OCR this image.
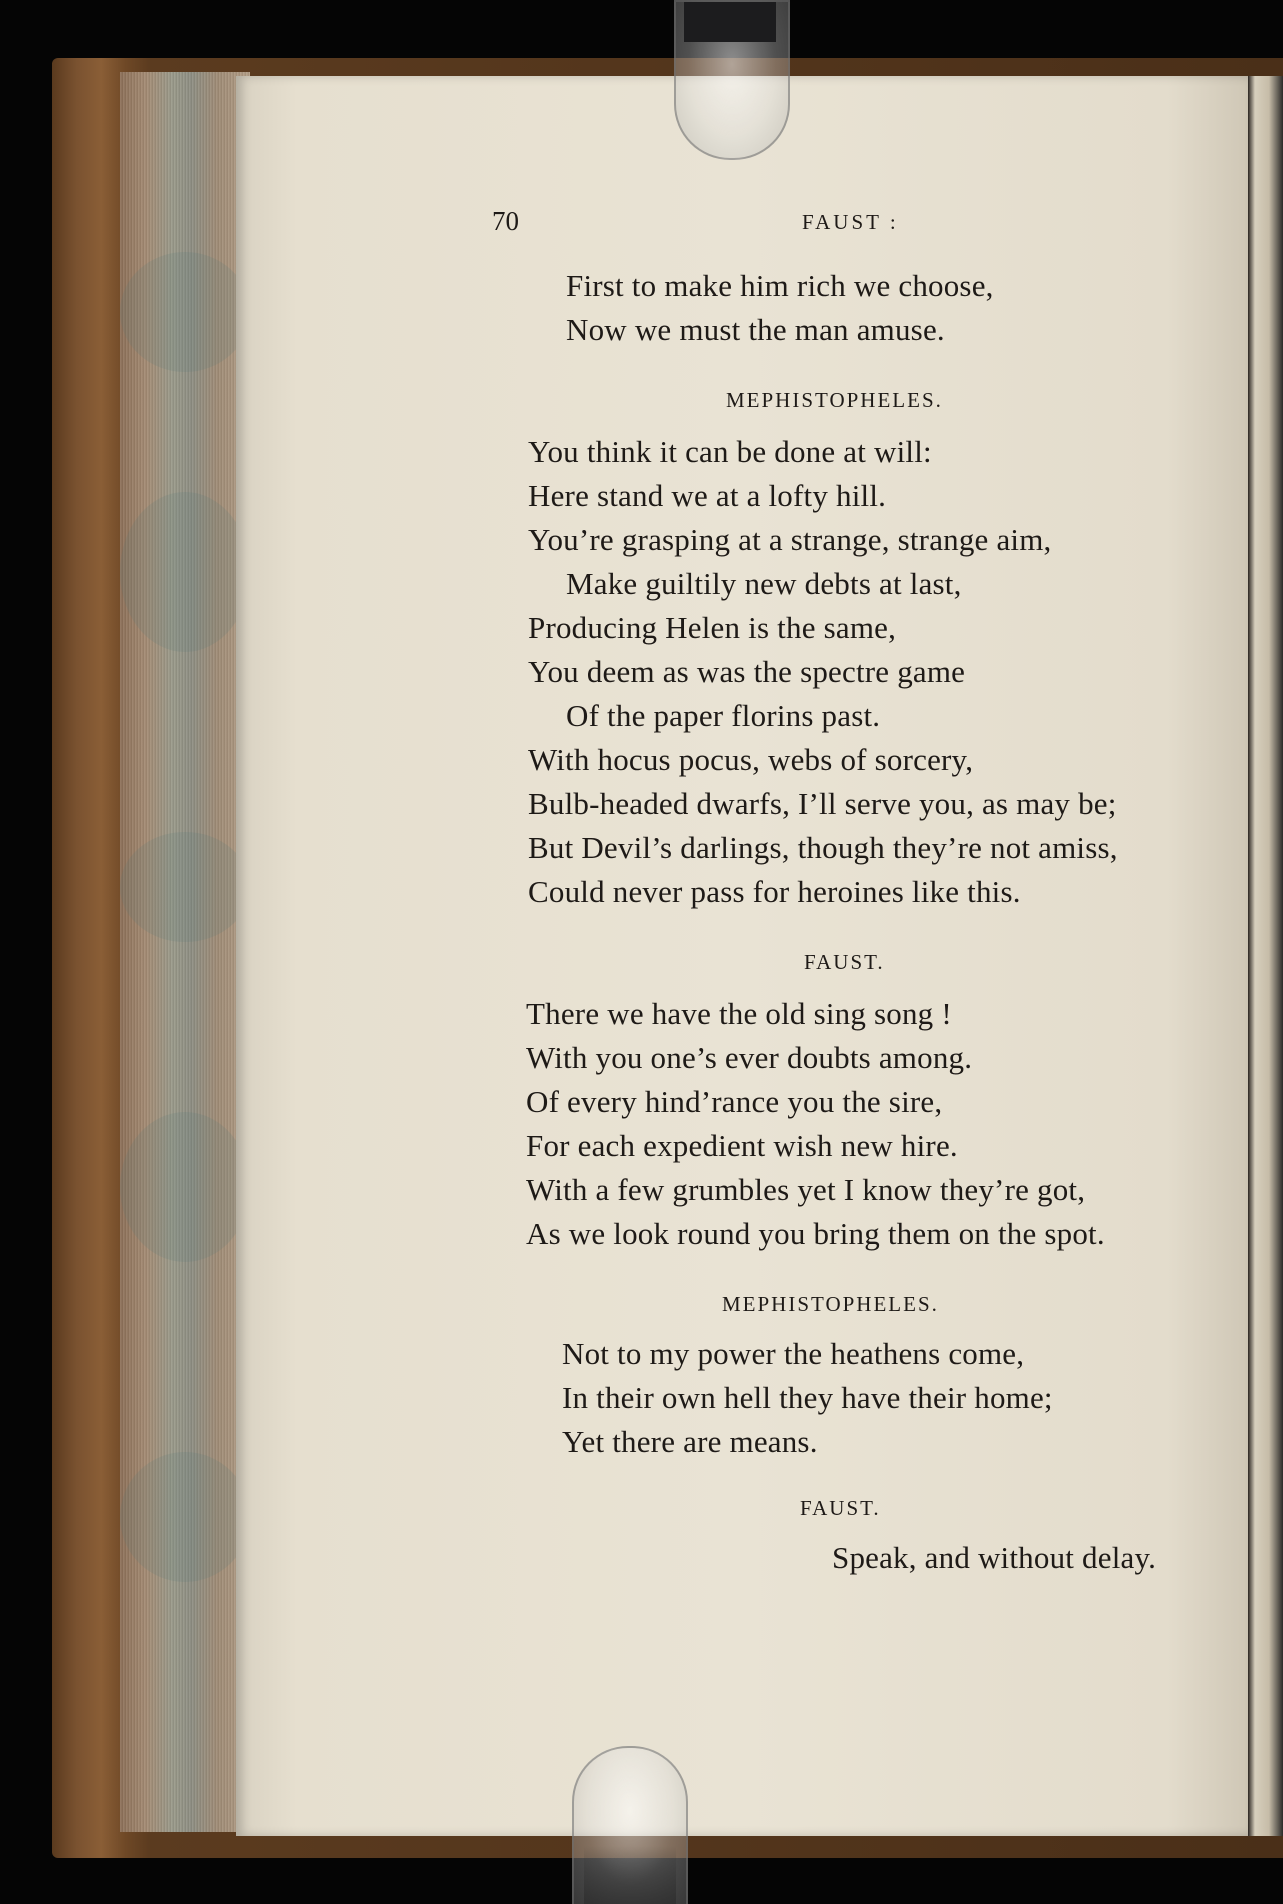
70	FAUST :

First to make him rich we choose,

Now we must the man amuse.

MEPHISTOPHELES.

You think it can be done at will:

Here stand we at a lofty hill.

You’re grasping at a strange, strange aim,

Make guiltily new debts at last,

Producing Helen is the same,

You deem as was the spectre game

Of the paper florins past.

With hocus pocus, webs of sorcery,

Bulb-headed dwarfs, I’ll serve you, as may be;

But Devil’s darlings, though they’re not amiss,

Could never pass for heroines like this.

FAUST.

There we have the old sing song !

With you one’s ever doubts among.

Of every hind’rance you the sire,

For each expedient wish new hire.

With a few grumbles yet I know they’re got,

As we look round you bring them on the spot.

MEPHISTOPHELES.

Not to my power the heathens come,

In their own hell they have their home;

Yet there are means.

FAUST.

Speak, and without delay.
